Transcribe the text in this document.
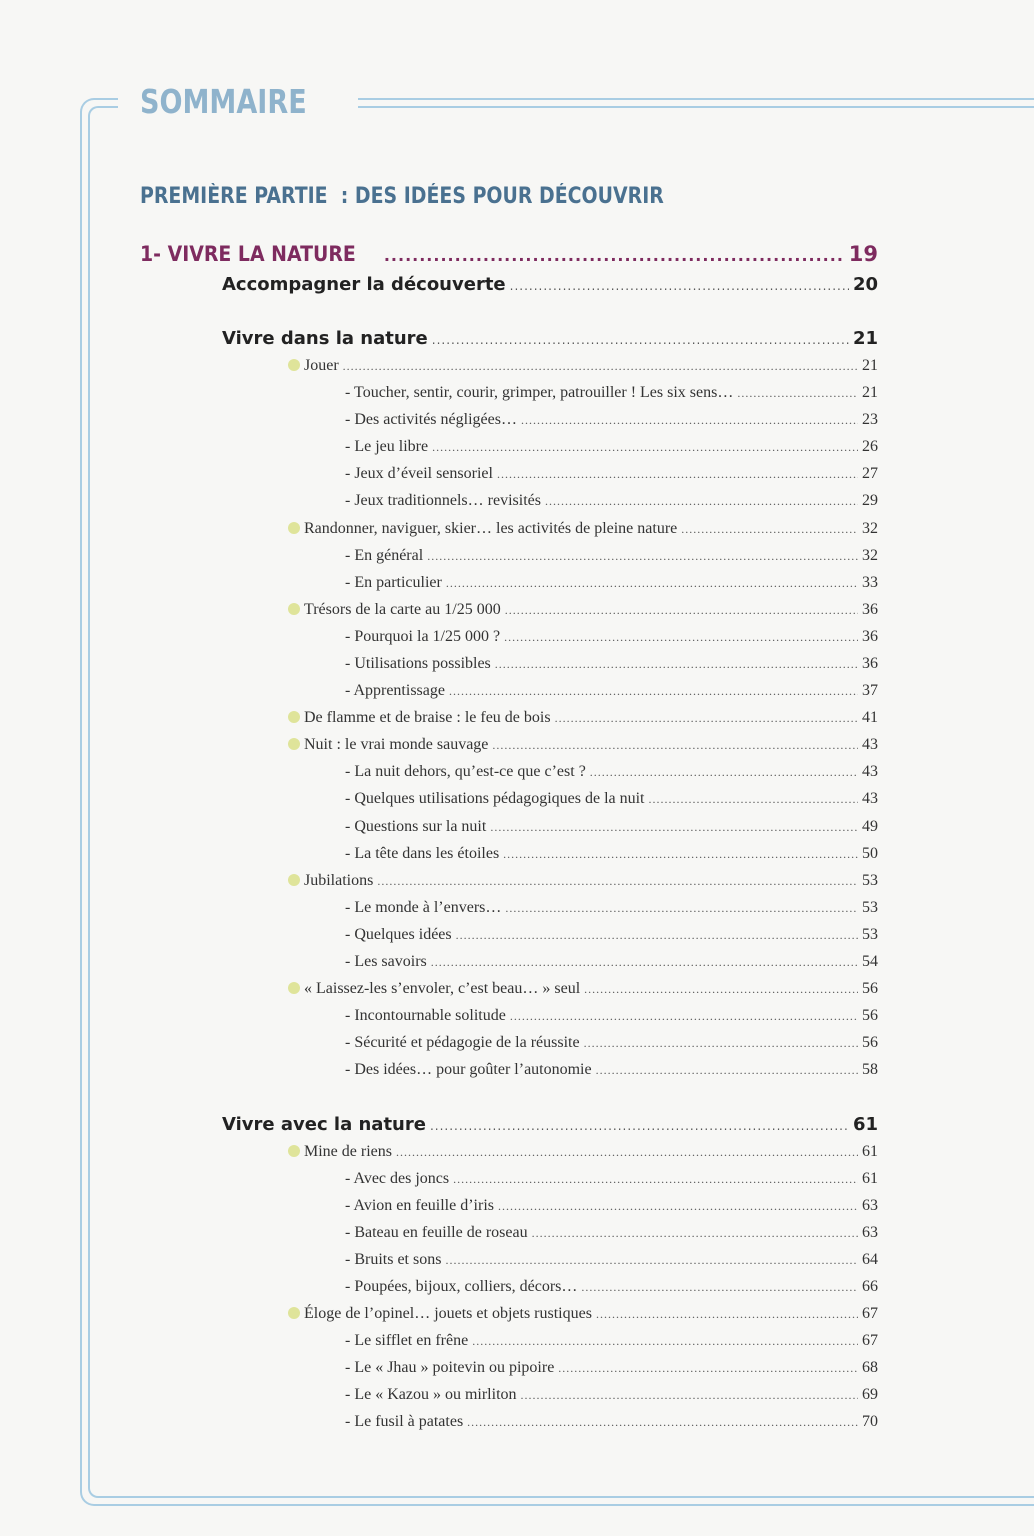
SOMMAIRE
PREMIÈRE PARTIE  : DES IDÉES POUR DÉCOUVRIR
1- VIVRE LA NATURE .....	19
Accompagner la découverte .....	20
Vivre dans la nature .....	21
Jouer .....	21
- Toucher, sentir, courir, grimper, patrouiller ! Les six sens… .....	21
- Des activités négligées… .....	23
- Le jeu libre .....	26
- Jeux d’éveil sensoriel .....	27
- Jeux traditionnels… revisités .....	29
Randonner, naviguer, skier… les activités de pleine nature .....	32
- En général .....	32
- En particulier .....	33
Trésors de la carte au 1/25 000 .....	36
- Pourquoi la 1/25 000 ? .....	36
- Utilisations possibles .....	36
- Apprentissage .....	37
De flamme et de braise : le feu de bois .....	41
Nuit : le vrai monde sauvage .....	43
- La nuit dehors, qu’est-ce que c’est ? .....	43
- Quelques utilisations pédagogiques de la nuit .....	43
- Questions sur la nuit .....	49
- La tête dans les étoiles .....	50
Jubilations .....	53
- Le monde à l’envers… .....	53
- Quelques idées .....	53
- Les savoirs .....	54
« Laissez-les s’envoler, c’est beau… » seul .....	56
- Incontournable solitude .....	56
- Sécurité et pédagogie de la réussite .....	56
- Des idées… pour goûter l’autonomie .....	58
Vivre avec la nature .....	61
Mine de riens .....	61
- Avec des joncs .....	61
- Avion en feuille d’iris .....	63
- Bateau en feuille de roseau .....	63
- Bruits et sons .....	64
- Poupées, bijoux, colliers, décors… .....	66
Éloge de l’opinel… jouets et objets rustiques .....	67
- Le sifflet en frêne .....	67
- Le « Jhau » poitevin ou pipoire .....	68
- Le « Kazou » ou mirliton .....	69
- Le fusil à patates .....	70
